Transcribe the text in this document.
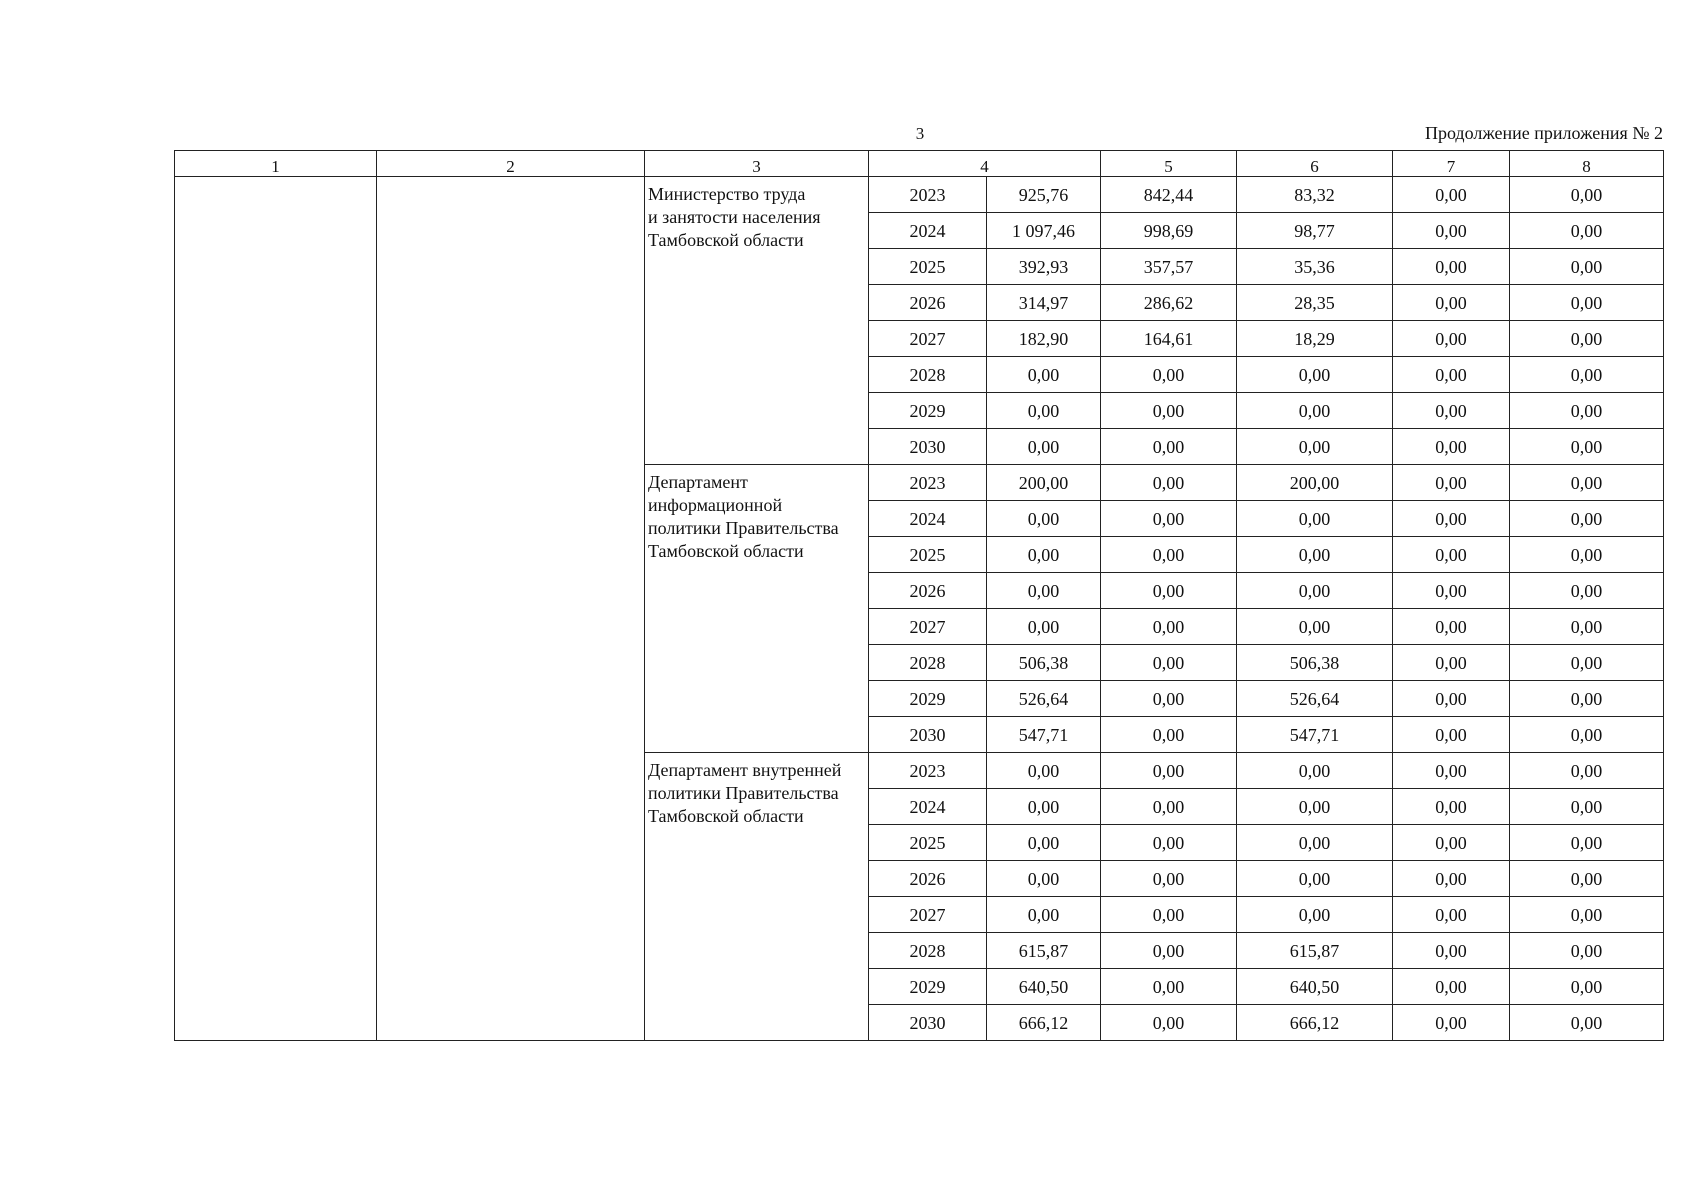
3	Продолжение приложения № 2
1	2	3	4		5	6	7	8
		Министерство труда
и занятости населения
Тамбовской области	2023	925,76	842,44	83,32	0,00	0,00
			2024	1 097,46	998,69	98,77	0,00	0,00
			2025	392,93	357,57	35,36	0,00	0,00
			2026	314,97	286,62	28,35	0,00	0,00
			2027	182,90	164,61	18,29	0,00	0,00
			2028	0,00	0,00	0,00	0,00	0,00
			2029	0,00	0,00	0,00	0,00	0,00
			2030	0,00	0,00	0,00	0,00	0,00
		Департамент
информационной
политики Правительства
Тамбовской области	2023	200,00	0,00	200,00	0,00	0,00
			2024	0,00	0,00	0,00	0,00	0,00
			2025	0,00	0,00	0,00	0,00	0,00
			2026	0,00	0,00	0,00	0,00	0,00
			2027	0,00	0,00	0,00	0,00	0,00
			2028	506,38	0,00	506,38	0,00	0,00
			2029	526,64	0,00	526,64	0,00	0,00
			2030	547,71	0,00	547,71	0,00	0,00
		Департамент внутренней
политики Правительства
Тамбовской области	2023	0,00	0,00	0,00	0,00	0,00
			2024	0,00	0,00	0,00	0,00	0,00
			2025	0,00	0,00	0,00	0,00	0,00
			2026	0,00	0,00	0,00	0,00	0,00
			2027	0,00	0,00	0,00	0,00	0,00
			2028	615,87	0,00	615,87	0,00	0,00
			2029	640,50	0,00	640,50	0,00	0,00
			2030	666,12	0,00	666,12	0,00	0,00
